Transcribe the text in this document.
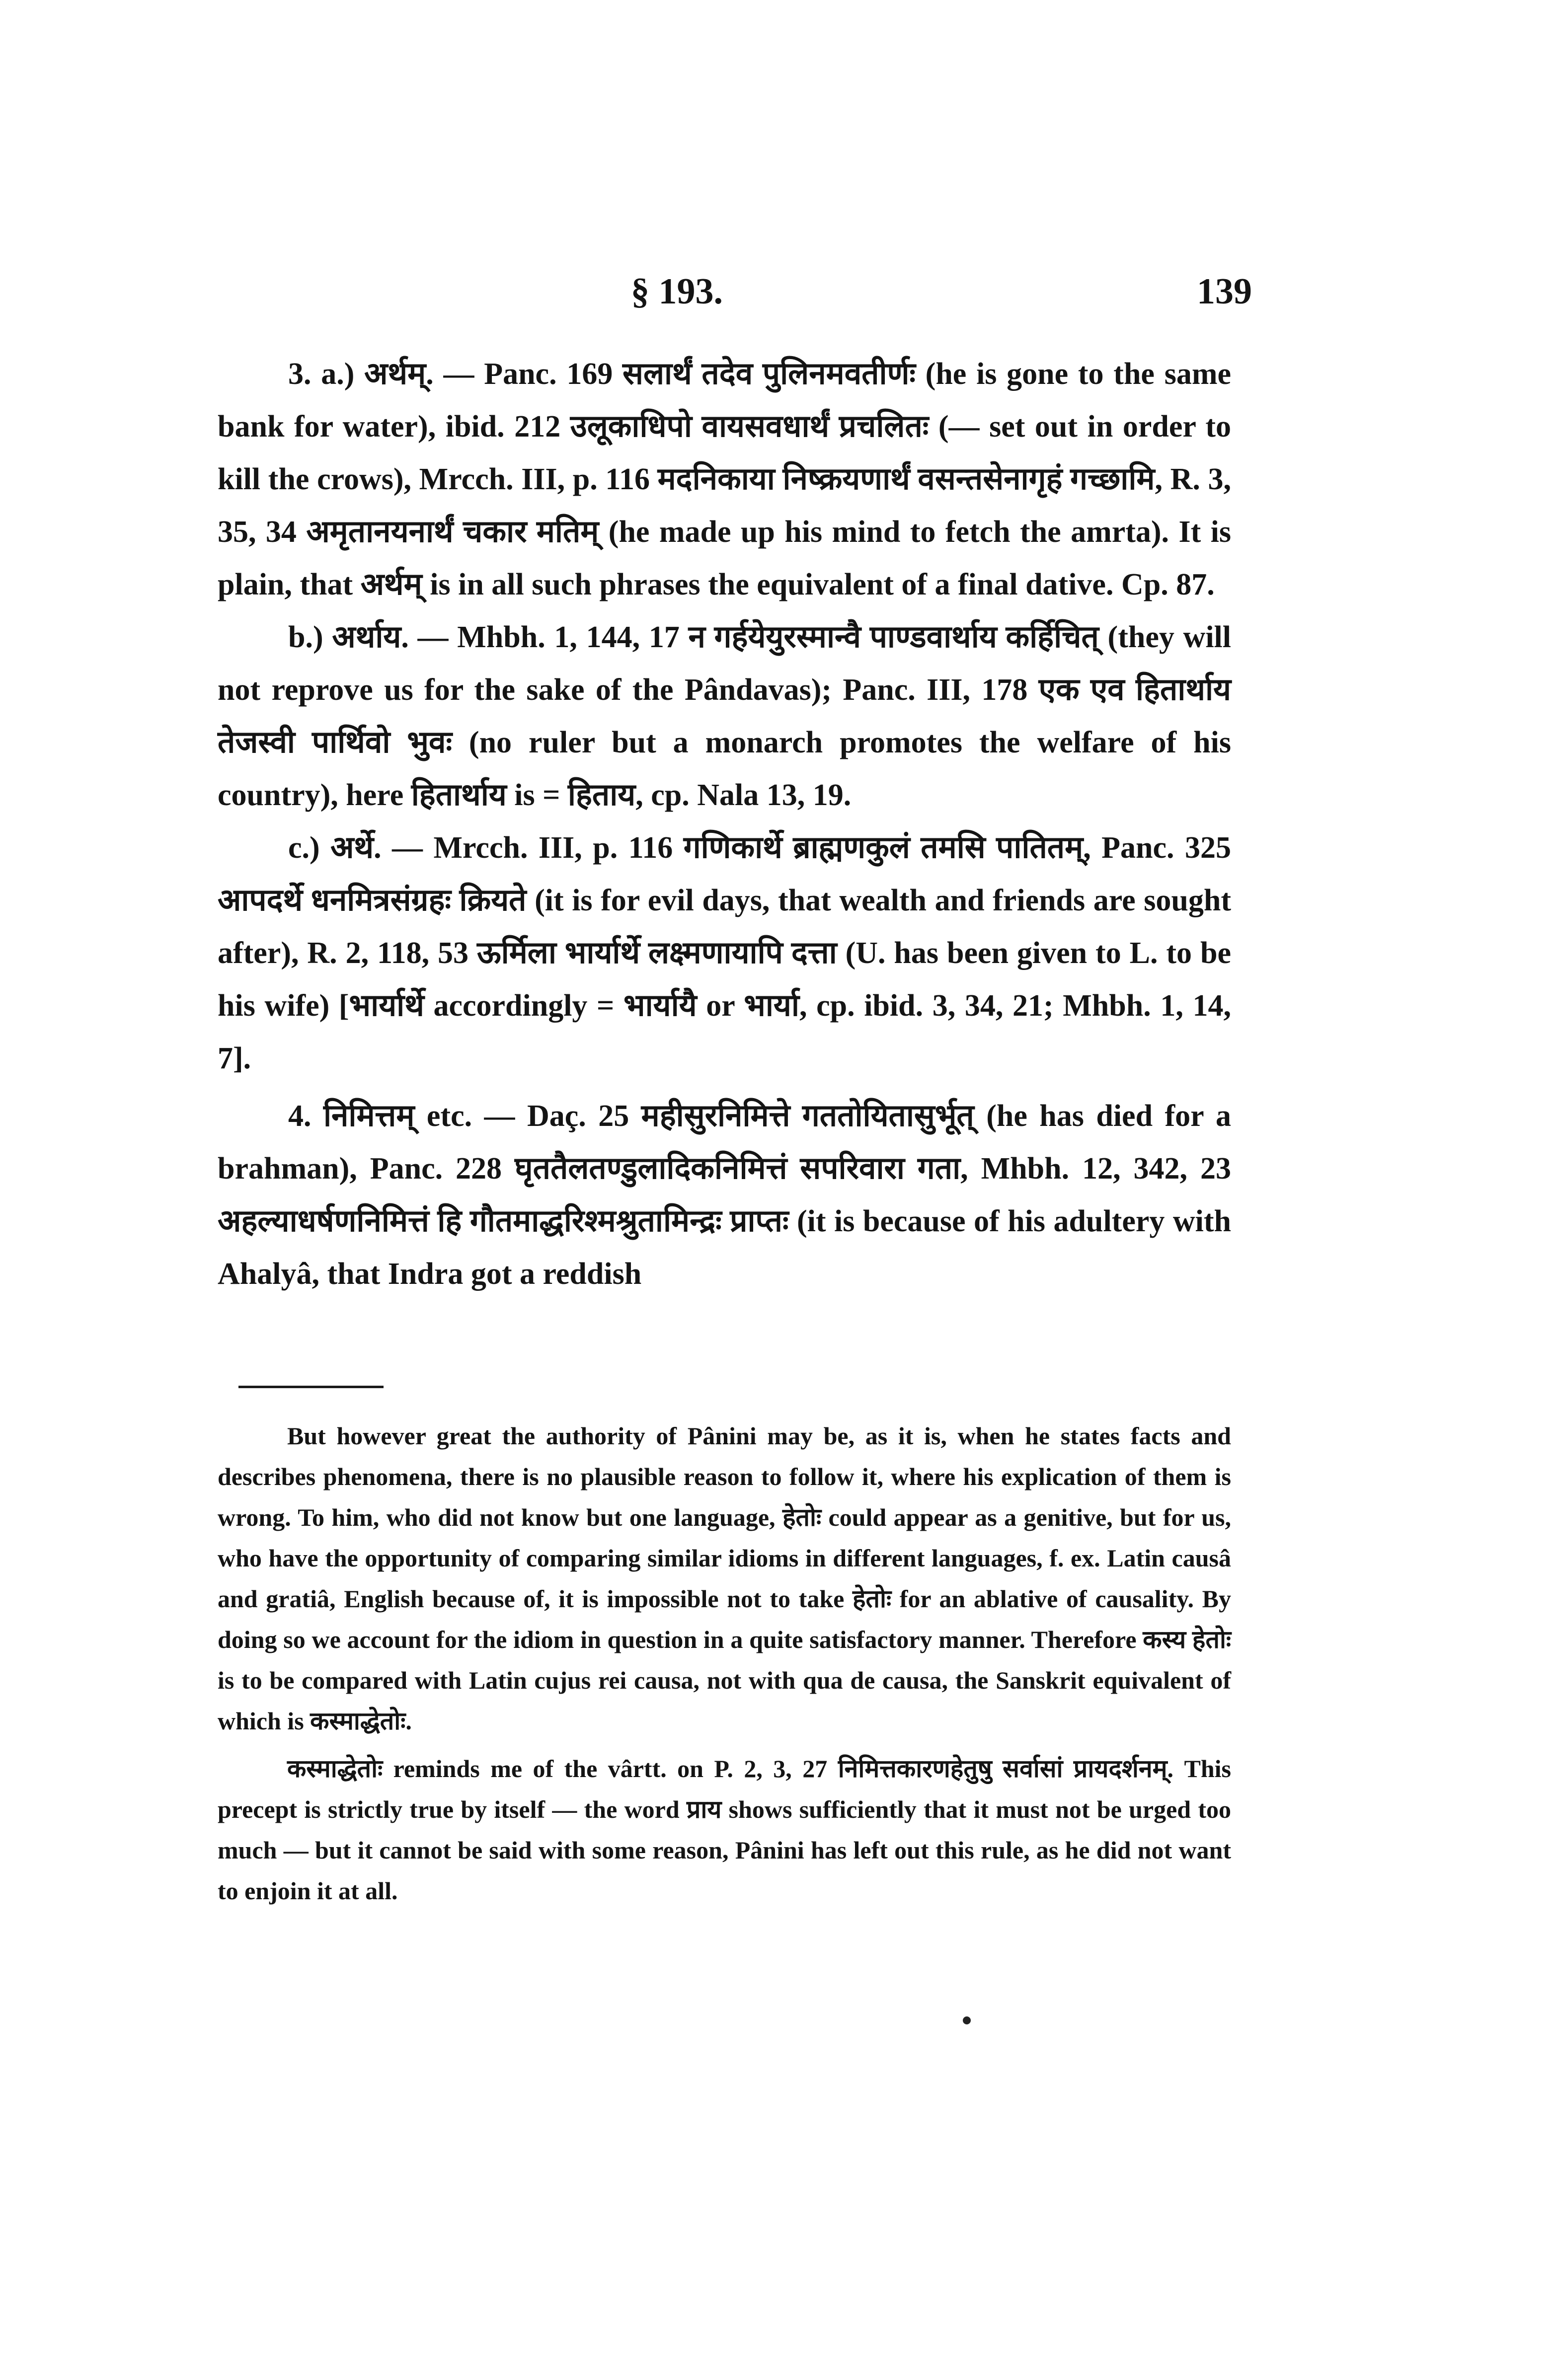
§ 193.	139

3. a.) अर्थम्. — Panc. 169 सलार्थं तदेव पुलिनमवतीर्णः (he is gone to the same bank for water), ibid. 212 उलूकाधिपो वायसवधार्थं प्रचलितः (— set out in order to kill the crows), Mrcch. III, p. 116 मदनिकाया निष्क्रयणार्थं वसन्तसेनागृहं गच्छामि, R. 3, 35, 34 अमृतानयनार्थं चकार मतिम् (he made up his mind to fetch the amrta). It is plain, that अर्थम् is in all such phrases the equivalent of a final dative. Cp. 87.

b.) अर्थाय. — Mhbh. 1, 144, 17 न गर्हयेयुरस्मान्वै पाण्डवार्थाय कर्हिचित् (they will not reprove us for the sake of the Pândavas); Panc. III, 178 एक एव हितार्थाय तेजस्वी पार्थिवो भुवः (no ruler but a monarch promotes the welfare of his country), here हितार्थाय is = हिताय, cp. Nala 13, 19.

c.) अर्थे. — Mrcch. III, p. 116 गणिकार्थे ब्राह्मणकुलं तमसि पातितम्, Panc. 325 आपदर्थे धनमित्रसंग्रहः क्रियते (it is for evil days, that wealth and friends are sought after), R. 2, 118, 53 ऊर्मिला भार्यार्थे लक्ष्मणायापि दत्ता (U. has been given to L. to be his wife) [भार्यार्थे accordingly = भार्यायै or भार्या, cp. ibid. 3, 34, 21; Mhbh. 1, 14, 7].

4. निमित्तम् etc. — Daç. 25 महीसुरनिमित्ते गततोयितासुर्भूत् (he has died for a brahman), Panc. 228 घृततैलतण्डुलादिकनिमित्तं सपरिवारा गता, Mhbh. 12, 342, 23 अहल्याधर्षणनिमित्तं हि गौतमाद्धरिश्मश्रुतामिन्द्रः प्राप्तः (it is because of his adultery with Ahalyâ, that Indra got a reddish

But however great the authority of Pânini may be, as it is, when he states facts and describes phenomena, there is no plausible reason to follow it, where his explication of them is wrong. To him, who did not know but one language, हेतोः could appear as a genitive, but for us, who have the opportunity of comparing similar idioms in different languages, f. ex. Latin causâ and gratiâ, English because of, it is impossible not to take हेतोः for an ablative of causality. By doing so we account for the idiom in question in a quite satisfactory manner. Therefore कस्य हेतोः is to be compared with Latin cujus rei causa, not with qua de causa, the Sanskrit equivalent of which is कस्माद्धेतोः.

कस्माद्धेतोः reminds me of the vârtt. on P. 2, 3, 27 निमित्तकारणहेतुषु सर्वासां प्रायदर्शनम्. This precept is strictly true by itself — the word प्राय shows sufficiently that it must not be urged too much — but it cannot be said with some reason, Pânini has left out this rule, as he did not want to enjoin it at all.
